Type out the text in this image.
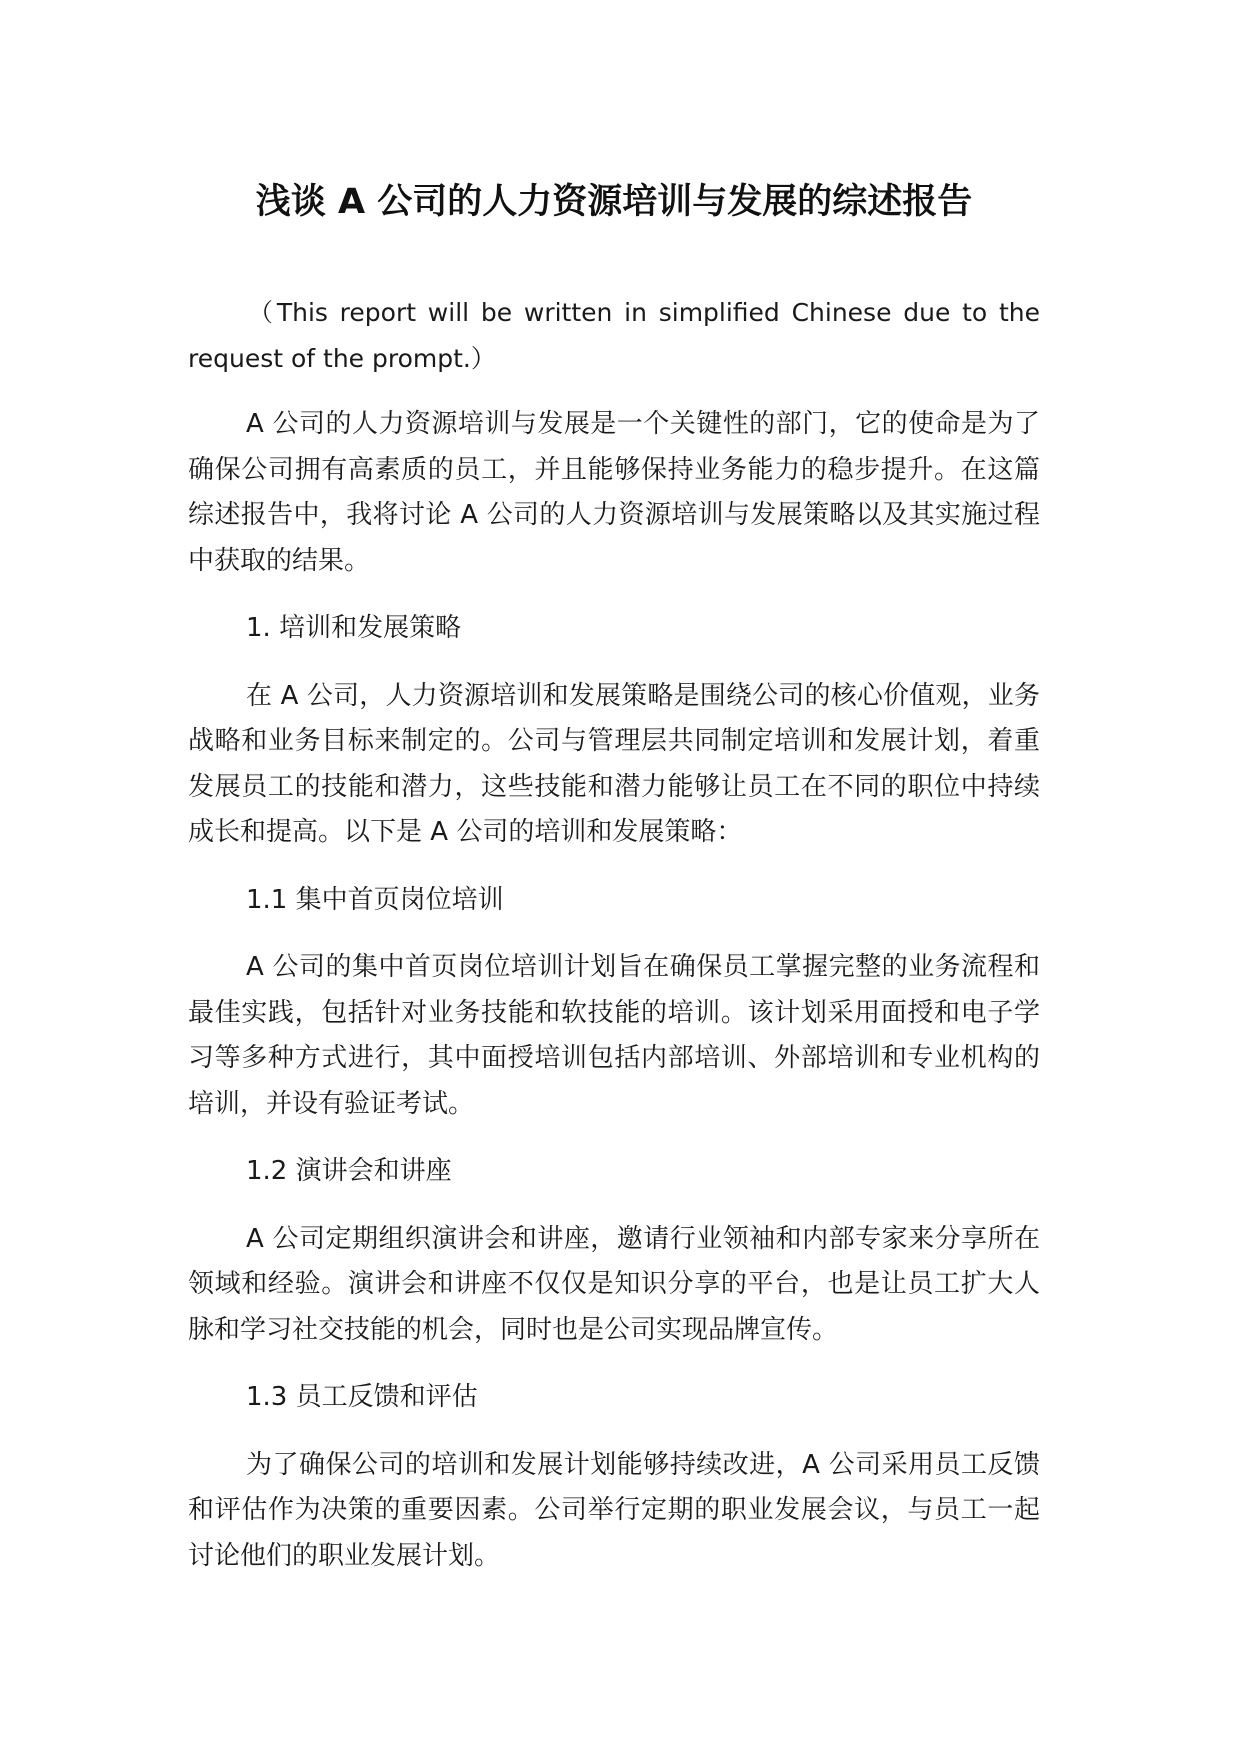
浅谈 A 公司的人力资源培训与发展的综述报告

（This report will be written in simplified Chinese due to the request of the prompt.）

A 公司的人力资源培训与发展是一个关键性的部门，它的使命是为了确保公司拥有高素质的员工，并且能够保持业务能力的稳步提升。在这篇综述报告中，我将讨论 A 公司的人力资源培训与发展策略以及其实施过程中获取的结果。

1. 培训和发展策略

在 A 公司，人力资源培训和发展策略是围绕公司的核心价值观，业务战略和业务目标来制定的。公司与管理层共同制定培训和发展计划，着重发展员工的技能和潜力，这些技能和潜力能够让员工在不同的职位中持续成长和提高。以下是 A 公司的培训和发展策略：

1.1 集中首页岗位培训

A 公司的集中首页岗位培训计划旨在确保员工掌握完整的业务流程和最佳实践，包括针对业务技能和软技能的培训。该计划采用面授和电子学习等多种方式进行，其中面授培训包括内部培训、外部培训和专业机构的培训，并设有验证考试。

1.2 演讲会和讲座

A 公司定期组织演讲会和讲座，邀请行业领袖和内部专家来分享所在领域和经验。演讲会和讲座不仅仅是知识分享的平台，也是让员工扩大人脉和学习社交技能的机会，同时也是公司实现品牌宣传。

1.3 员工反馈和评估

为了确保公司的培训和发展计划能够持续改进，A 公司采用员工反馈和评估作为决策的重要因素。公司举行定期的职业发展会议，与员工一起讨论他们的职业发展计划。
